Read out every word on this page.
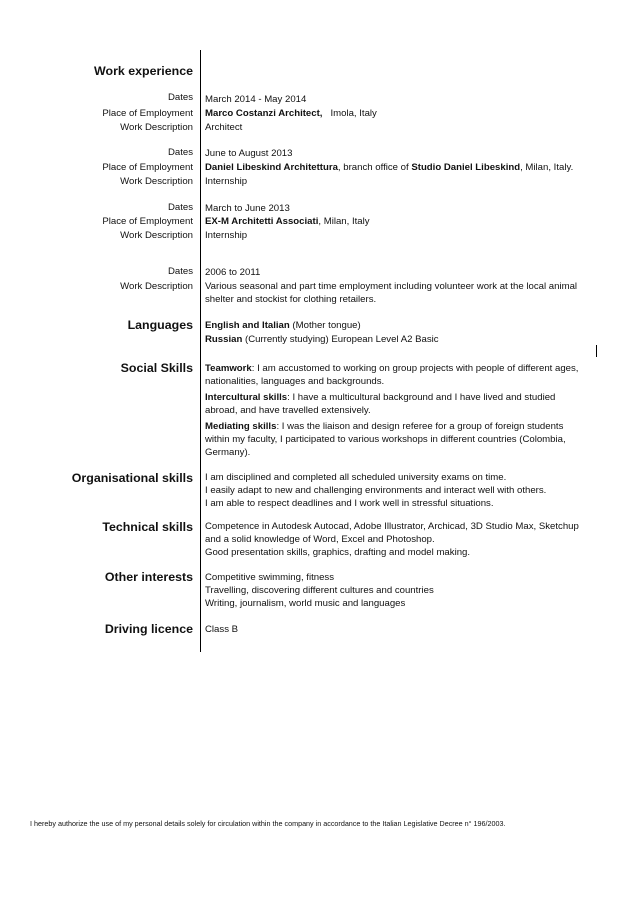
Work experience
Dates
Place of Employment
Work Description
March 2014 - May 2014
Marco Costanzi Architect,   Imola, Italy
Architect
Dates
Place of Employment
Work Description
June to August 2013
Daniel Libeskind Architettura, branch office of Studio Daniel Libeskind, Milan, Italy.
Internship
Dates
Place of Employment
Work Description
March to June 2013
EX-M Architetti Associati, Milan, Italy
Internship
Dates
Work Description
2006 to 2011
Various seasonal and part time employment including volunteer work at the local animal
shelter and stockist for clothing retailers.
Languages English and Italian (Mother tongue)
Russian (Currently studying) European Level A2 Basic
Social Skills Teamwork: I am accustomed to working on group projects with people of different ages,
nationalities, languages and backgrounds.
Intercultural skills: I have a multicultural background and I have lived and studied
abroad, and have travelled extensively.
Mediating skills: I was the liaison and design referee for a group of foreign students
within my faculty, I participated to various workshops in different countries (Colombia,
Germany).
Organisational skills I am disciplined and completed all scheduled university exams on time.
I easily adapt to new and challenging environments and interact well with others.
I am able to respect deadlines and I work well in stressful situations.
Technical skills Competence in Autodesk Autocad, Adobe Illustrator, Archicad, 3D Studio Max, Sketchup
and a solid knowledge of Word, Excel and Photoshop.
Good presentation skills, graphics, drafting and model making.
Other interests Competitive swimming, fitness
Travelling, discovering different cultures and countries
Writing, journalism, world music and languages
Driving licence Class B
I hereby authorize the use of my personal details solely for circulation within the company in accordance to the Italian Legislative Decree n° 196/2003.
